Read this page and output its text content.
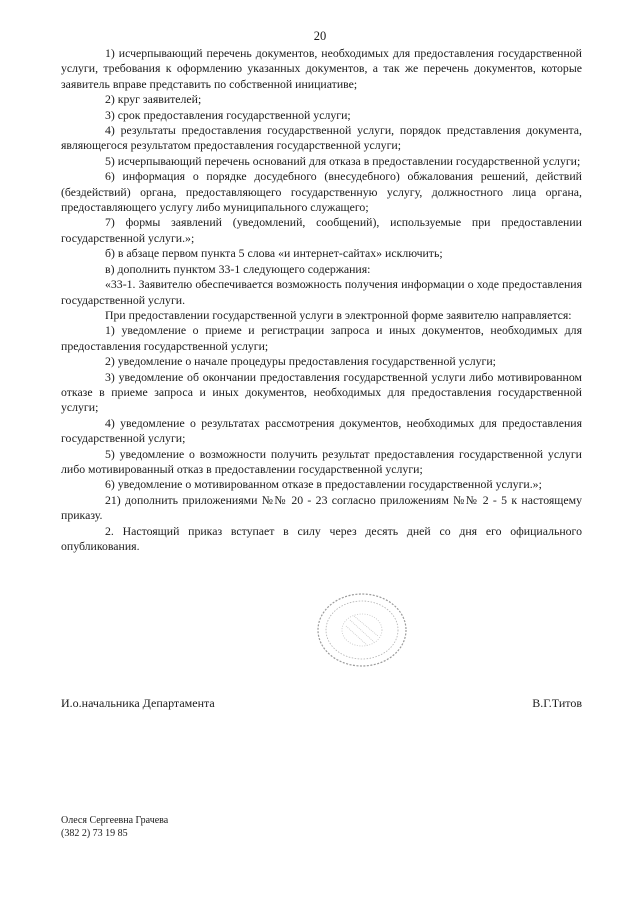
20

1) исчерпывающий перечень документов, необходимых для предоставления государственной услуги, требования к оформлению указанных документов, а так же перечень документов, которые заявитель вправе представить по собственной инициативе;

2) круг заявителей;

3) срок предоставления государственной услуги;

4) результаты предоставления государственной услуги, порядок представления документа, являющегося результатом предоставления государственной услуги;

5) исчерпывающий перечень оснований для отказа в предоставлении государственной услуги;

6) информация о порядке досудебного (внесудебного) обжалования решений, действий (бездействий) органа, предоставляющего государственную услугу, должностного лица органа, предоставляющего услугу либо муниципального служащего;

7) формы заявлений (уведомлений, сообщений), используемые при предоставлении государственной услуги.»;

б) в абзаце первом пункта 5 слова «и интернет-сайтах» исключить;

в) дополнить пунктом 33-1 следующего содержания:

«33-1. Заявителю обеспечивается возможность получения информации о ходе предоставления государственной услуги.

При предоставлении государственной услуги в электронной форме заявителю направляется:

1) уведомление о приеме и регистрации запроса и иных документов, необходимых для предоставления государственной услуги;

2) уведомление о начале процедуры предоставления государственной услуги;

3) уведомление об окончании предоставления государственной услуги либо мотивированном отказе в приеме запроса и иных документов, необходимых для предоставления государственной услуги;

4) уведомление о результатах рассмотрения документов, необходимых для предоставления государственной услуги;

5) уведомление о возможности получить результат предоставления государственной услуги либо мотивированный отказ в предоставлении государственной услуги;

6) уведомление о мотивированном отказе в предоставлении государственной услуги.»;

21) дополнить приложениями №№ 20 - 23 согласно приложениям №№ 2 - 5 к настоящему приказу.

2. Настоящий приказ вступает в силу через десять дней со дня его официального опубликования.

И.о.начальника Департамента	В.Г.Титов
Олеся Сергеевна Грачева
(382 2) 73 19 85
